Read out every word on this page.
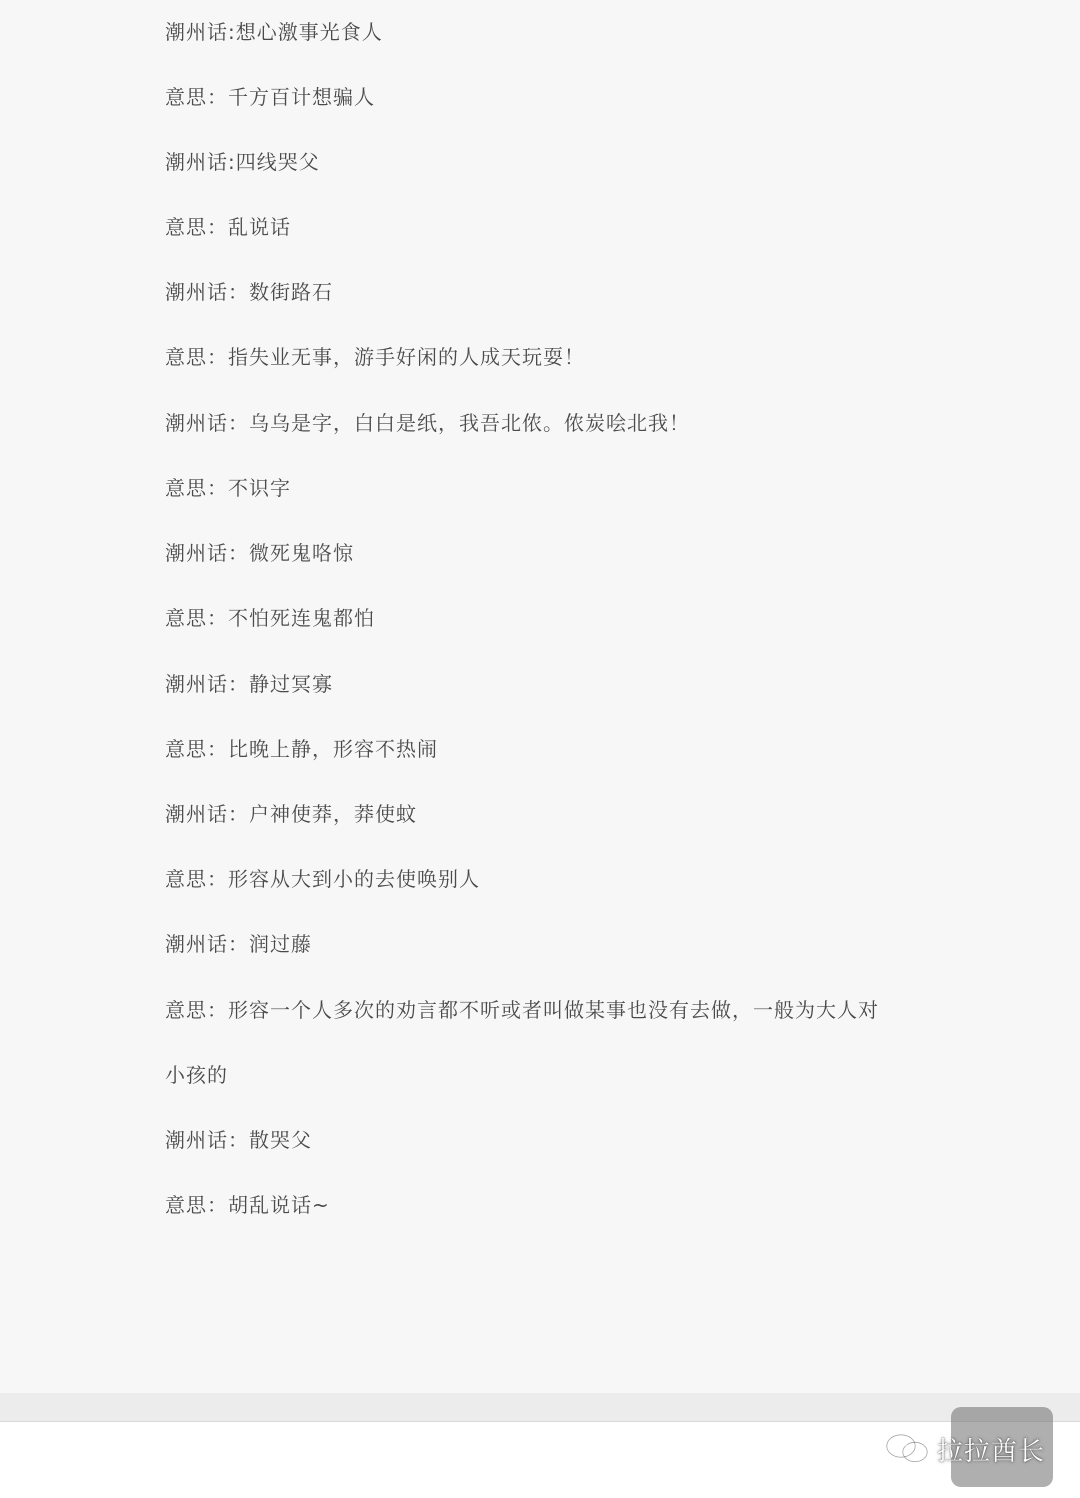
潮州话:想心激事光食人
意思：千方百计想骗人
潮州话:四线哭父
意思：乱说话
潮州话：数街路石
意思：指失业无事，游手好闲的人成天玩耍！
潮州话：乌乌是字，白白是纸，我吾北侬。侬炭哙北我！
意思：不识字
潮州话：微死鬼咯惊
意思：不怕死连鬼都怕
潮州话：静过冥寡
意思：比晚上静，形容不热闹
潮州话：户神使莽，莽使蚊
意思：形容从大到小的去使唤别人
潮州话：润过藤
意思：形容一个人多次的劝言都不听或者叫做某事也没有去做，一般为大人对
小孩的
潮州话：散哭父
意思：胡乱说话~
拉拉酋长
